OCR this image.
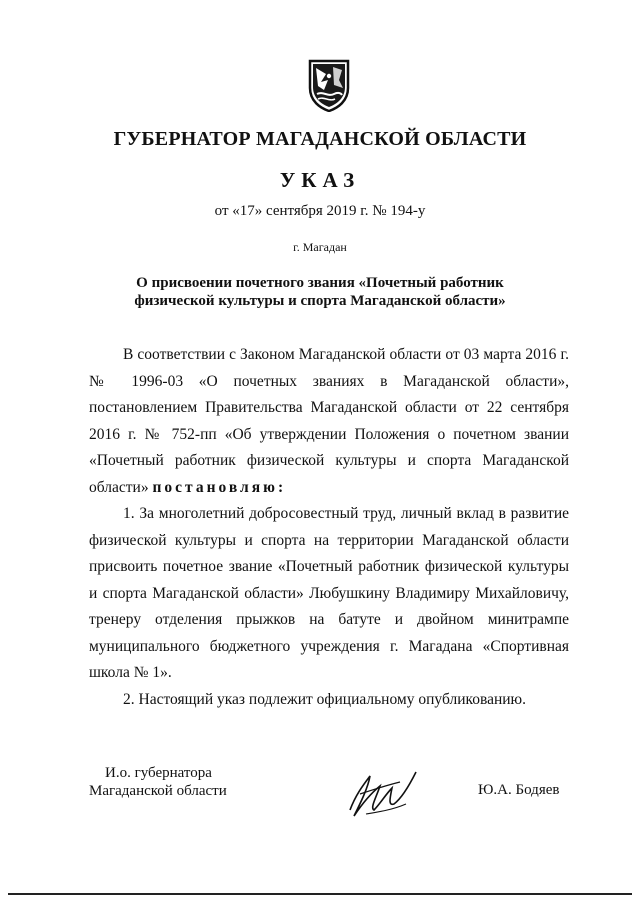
ГУБЕРНАТОР МАГАДАНСКОЙ ОБЛАСТИ
УКАЗ
от «17» сентября 2019 г. № 194-у
г. Магадан
О присвоении почетного звания «Почетный работник
физической культуры и спорта Магаданской области»

В соответствии с Законом Магаданской области от 03 марта 2016 г. № 1996-03 «О почетных званиях в Магаданской области», постановлением Правительства Магаданской области от 22 сентября 2016 г. № 752-пп «Об утверждении Положения о почетном звании «Почетный работник физической культуры и спорта Магаданской области» постановляю:

1. За многолетний добросовестный труд, личный вклад в развитие физической культуры и спорта на территории Магаданской области присвоить почетное звание «Почетный работник физической культуры и спорта Магаданской области» Любушкину Владимиру Михайловичу, тренеру отделения прыжков на батуте и двойном минитрампе муниципального бюджетного учреждения г. Магадана «Спортивная школа № 1».

2. Настоящий указ подлежит официальному опубликованию.

И.о. губернатора
Магаданской области	Ю.А. Бодяев
